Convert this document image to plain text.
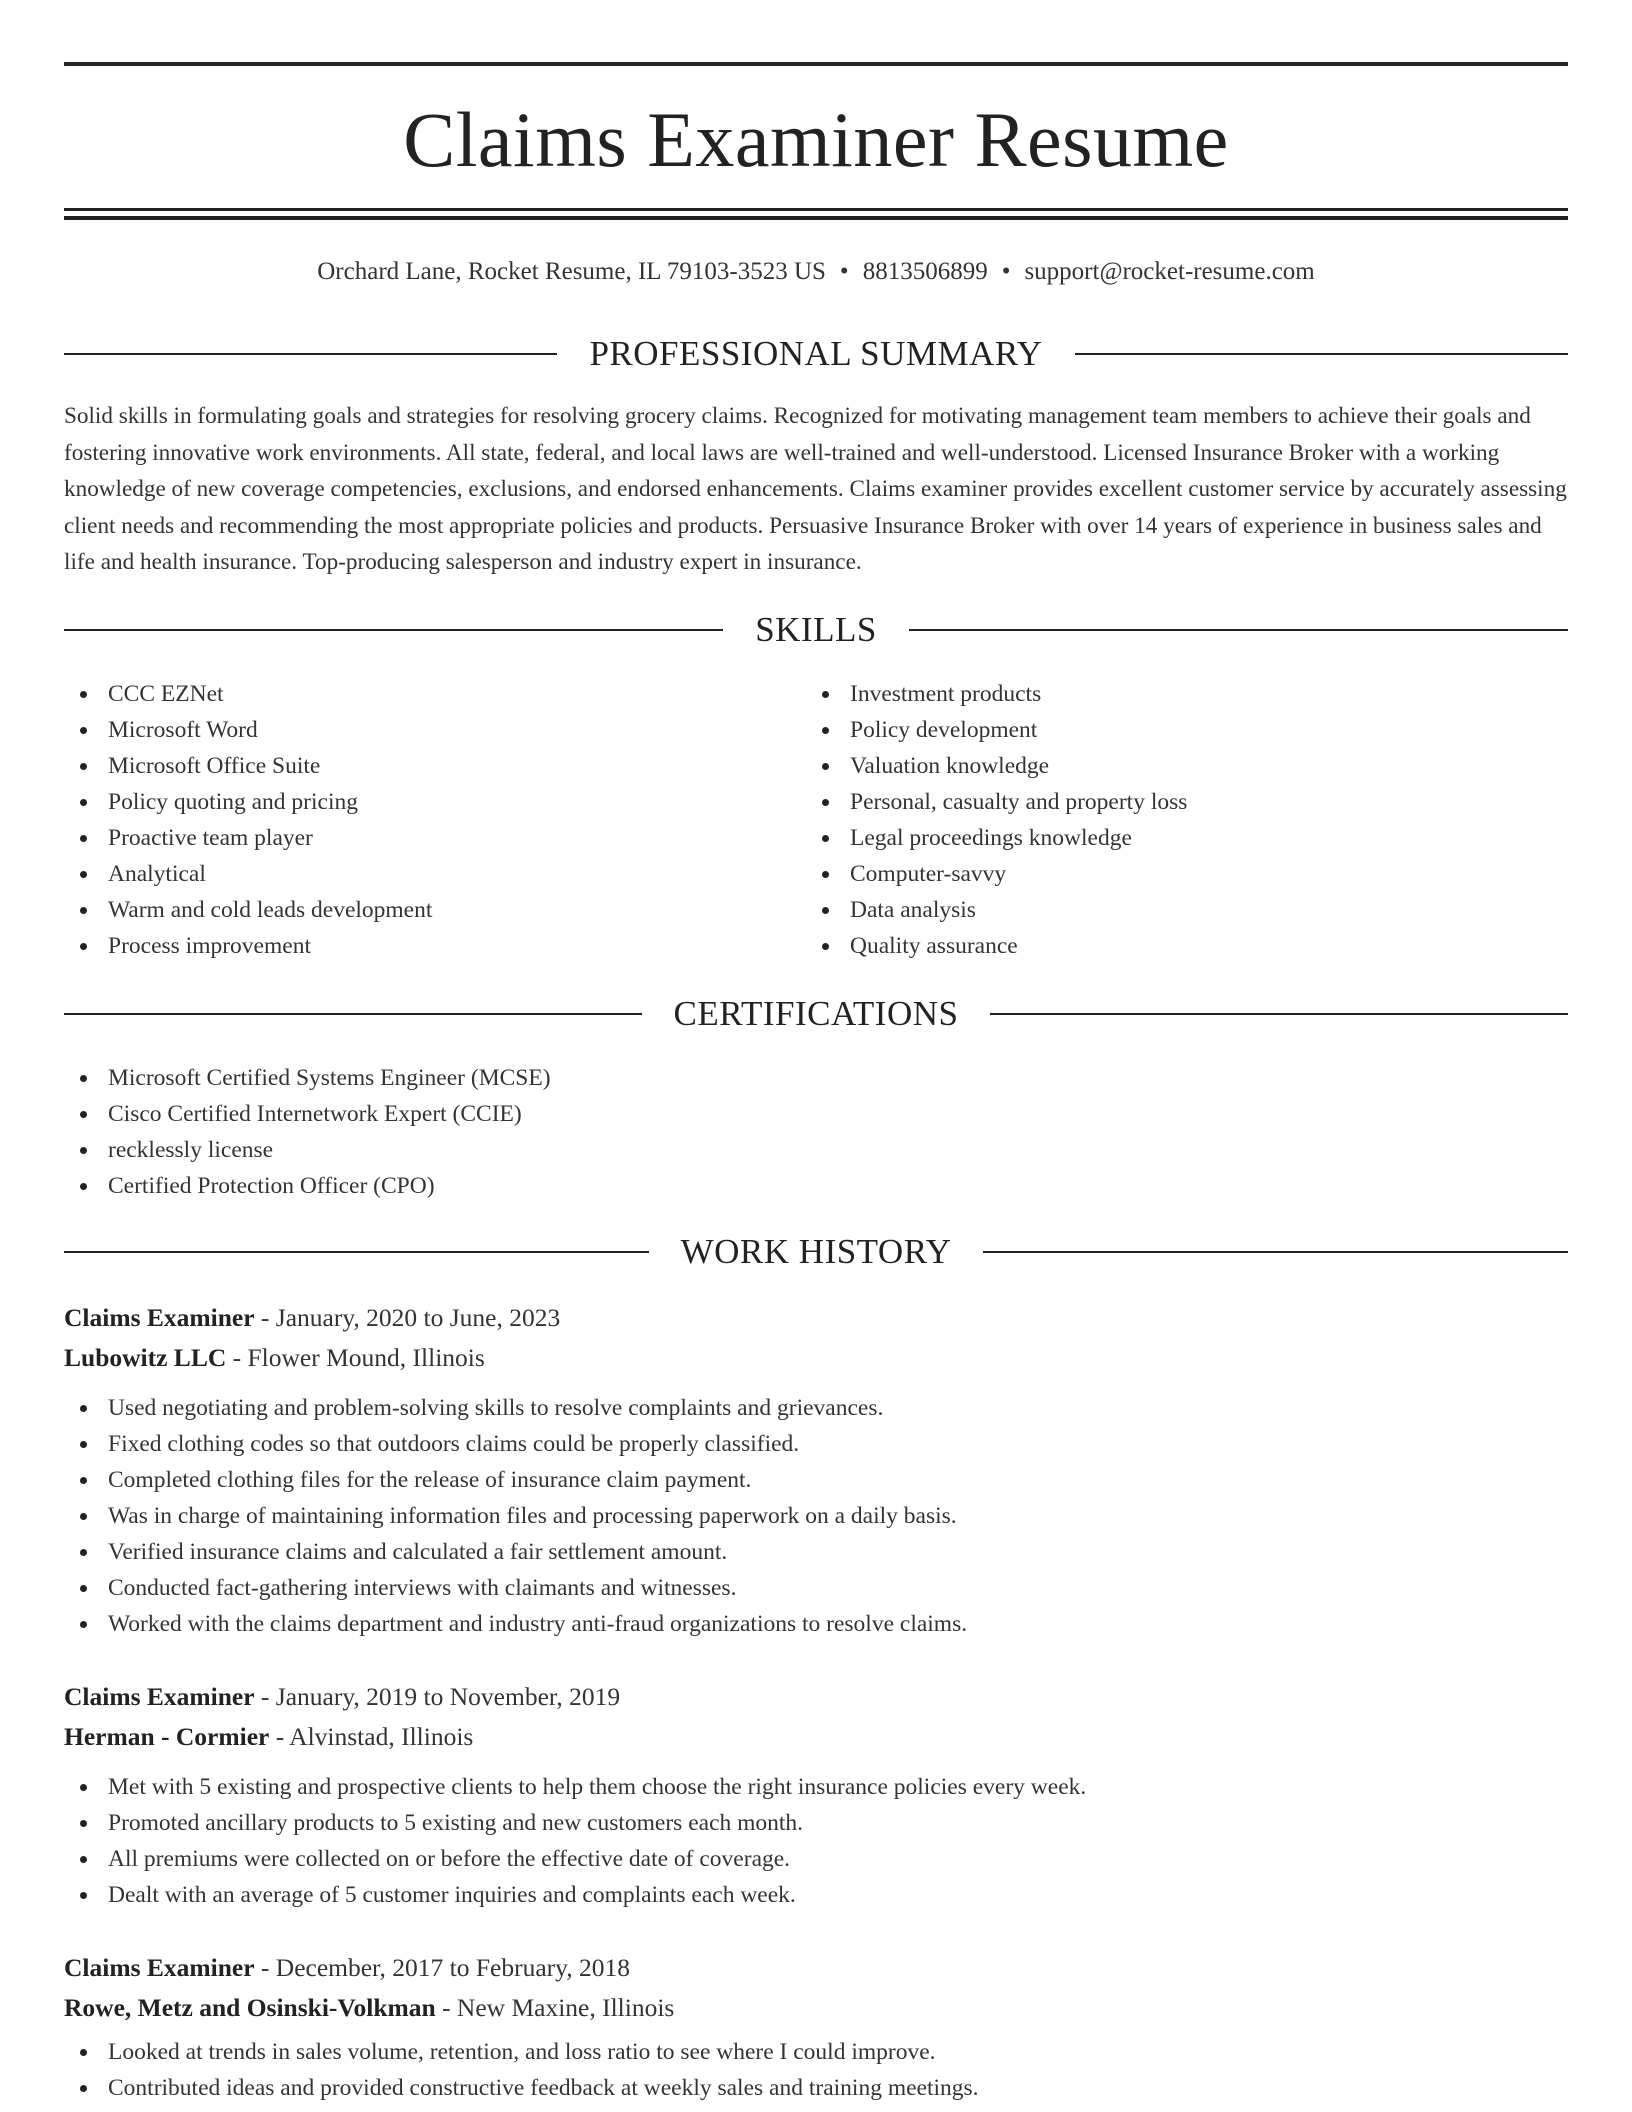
Claims Examiner Resume
Orchard Lane, Rocket Resume, IL 79103-3523 US • 8813506899 • support@rocket-resume.com
PROFESSIONAL SUMMARY

Solid skills in formulating goals and strategies for resolving grocery claims. Recognized for motivating management team members to achieve their goals and fostering innovative work environments. All state, federal, and local laws are well-trained and well-understood. Licensed Insurance Broker with a working knowledge of new coverage competencies, exclusions, and endorsed enhancements. Claims examiner provides excellent customer service by accurately assessing client needs and recommending the most appropriate policies and products. Persuasive Insurance Broker with over 14 years of experience in business sales and life and health insurance. Top-producing salesperson and industry expert in insurance.

SKILLS
CCC EZNet
Microsoft Word
Microsoft Office Suite
Policy quoting and pricing
Proactive team player
Analytical
Warm and cold leads development
Process improvement
Investment products
Policy development
Valuation knowledge
Personal, casualty and property loss
Legal proceedings knowledge
Computer-savvy
Data analysis
Quality assurance
CERTIFICATIONS
Microsoft Certified Systems Engineer (MCSE)
Cisco Certified Internetwork Expert (CCIE)
recklessly license
Certified Protection Officer (CPO)
WORK HISTORY
Claims Examiner - January, 2020 to June, 2023
Lubowitz LLC - Flower Mound, Illinois
Used negotiating and problem-solving skills to resolve complaints and grievances.
Fixed clothing codes so that outdoors claims could be properly classified.
Completed clothing files for the release of insurance claim payment.
Was in charge of maintaining information files and processing paperwork on a daily basis.
Verified insurance claims and calculated a fair settlement amount.
Conducted fact-gathering interviews with claimants and witnesses.
Worked with the claims department and industry anti-fraud organizations to resolve claims.
Claims Examiner - January, 2019 to November, 2019
Herman - Cormier - Alvinstad, Illinois
Met with 5 existing and prospective clients to help them choose the right insurance policies every week.
Promoted ancillary products to 5 existing and new customers each month.
All premiums were collected on or before the effective date of coverage.
Dealt with an average of 5 customer inquiries and complaints each week.
Claims Examiner - December, 2017 to February, 2018
Rowe, Metz and Osinski-Volkman - New Maxine, Illinois
Looked at trends in sales volume, retention, and loss ratio to see where I could improve.
Contributed ideas and provided constructive feedback at weekly sales and training meetings.
